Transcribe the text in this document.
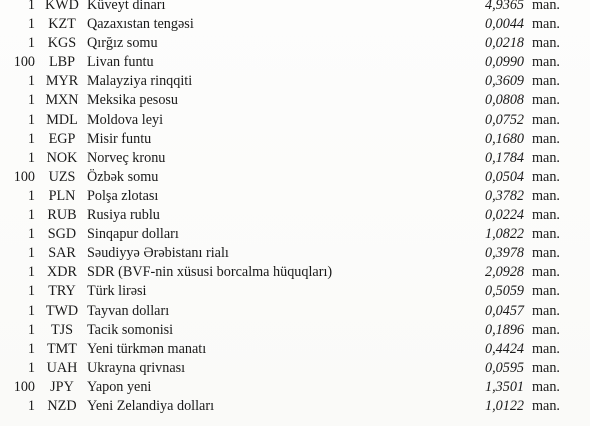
1 KWD Küveyt dinarı	4,9365 man.
1 KZT Qazaxıstan tengəsi	0,0044 man.
1 KGS Qırğız somu	0,0218 man.
100 LBP Livan funtu	0,0990 man.
1 MYR Malayziya rinqqiti	0,3609 man.
1 MXN Meksika pesosu	0,0808 man.
1 MDL Moldova leyi	0,0752 man.
1 EGP Misir funtu	0,1680 man.
1 NOK Norveç kronu	0,1784 man.
100 UZS Özbək somu	0,0504 man.
1 PLN Polşa zlotası	0,3782 man.
1 RUB Rusiya rublu	0,0224 man.
1 SGD Sinqapur dolları	1,0822 man.
1 SAR Səudiyyə Ərəbistanı rialı	0,3978 man.
1 XDR SDR (BVF-nin xüsusi borcalma hüquqları)	2,0928 man.
1 TRY Türk lirəsi	0,5059 man.
1 TWD Tayvan dolları	0,0457 man.
1	TJS Tacik somonisi	0,1896 man.
1 TMT Yeni türkmən manatı	0,4424 man.
1 UAH Ukrayna qrivnası	0,0595 man.
100	JPY Yapon yeni	1,3501 man.
1 NZD Yeni Zelandiya dolları	1,0122 man.
